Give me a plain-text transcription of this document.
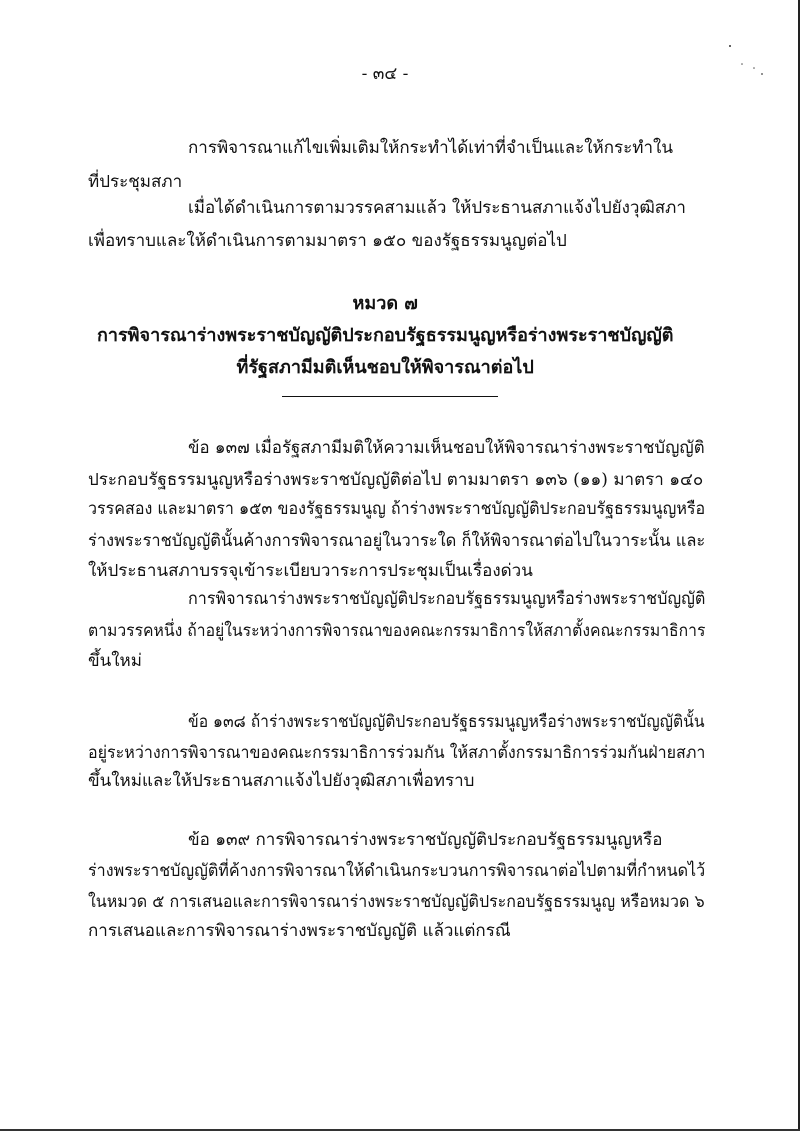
- ๓๔ -
การพิจารณาแก้ไขเพิ่มเติมให้กระทำได้เท่าที่จำเป็นและให้กระทำใน
ที่ประชุมสภา
เมื่อได้ดำเนินการตามวรรคสามแล้ว ให้ประธานสภาแจ้งไปยังวุฒิสภา
เพื่อทราบและให้ดำเนินการตามมาตรา ๑๕๐ ของรัฐธรรมนูญต่อไป
หมวด ๗
การพิจารณาร่างพระราชบัญญัติประกอบรัฐธรรมนูญหรือร่างพระราชบัญญัติ
ที่รัฐสภามีมติเห็นชอบให้พิจารณาต่อไป
ข้อ ๑๓๗ เมื่อรัฐสภามีมติให้ความเห็นชอบให้พิจารณาร่างพระราชบัญญัติ
ประกอบรัฐธรรมนูญหรือร่างพระราชบัญญัติต่อไป ตามมาตรา ๑๓๖ (๑๑) มาตรา ๑๔๐
วรรคสอง และมาตรา ๑๕๓ ของรัฐธรรมนูญ ถ้าร่างพระราชบัญญัติประกอบรัฐธรรมนูญหรือ
ร่างพระราชบัญญัตินั้นค้างการพิจารณาอยู่ในวาระใด ก็ให้พิจารณาต่อไปในวาระนั้น และ
ให้ประธานสภาบรรจุเข้าระเบียบวาระการประชุมเป็นเรื่องด่วน
การพิจารณาร่างพระราชบัญญัติประกอบรัฐธรรมนูญหรือร่างพระราชบัญญัติ
ตามวรรคหนึ่ง ถ้าอยู่ในระหว่างการพิจารณาของคณะกรรมาธิการให้สภาตั้งคณะกรรมาธิการ
ขึ้นใหม่
ข้อ ๑๓๘ ถ้าร่างพระราชบัญญัติประกอบรัฐธรรมนูญหรือร่างพระราชบัญญัตินั้น
อยู่ระหว่างการพิจารณาของคณะกรรมาธิการร่วมกัน ให้สภาตั้งกรรมาธิการร่วมกันฝ่ายสภา
ขึ้นใหม่และให้ประธานสภาแจ้งไปยังวุฒิสภาเพื่อทราบ
ข้อ ๑๓๙ การพิจารณาร่างพระราชบัญญัติประกอบรัฐธรรมนูญหรือ
ร่างพระราชบัญญัติที่ค้างการพิจารณาให้ดำเนินกระบวนการพิจารณาต่อไปตามที่กำหนดไว้
ในหมวด ๕ การเสนอและการพิจารณาร่างพระราชบัญญัติประกอบรัฐธรรมนูญ หรือหมวด ๖
การเสนอและการพิจารณาร่างพระราชบัญญัติ แล้วแต่กรณี
